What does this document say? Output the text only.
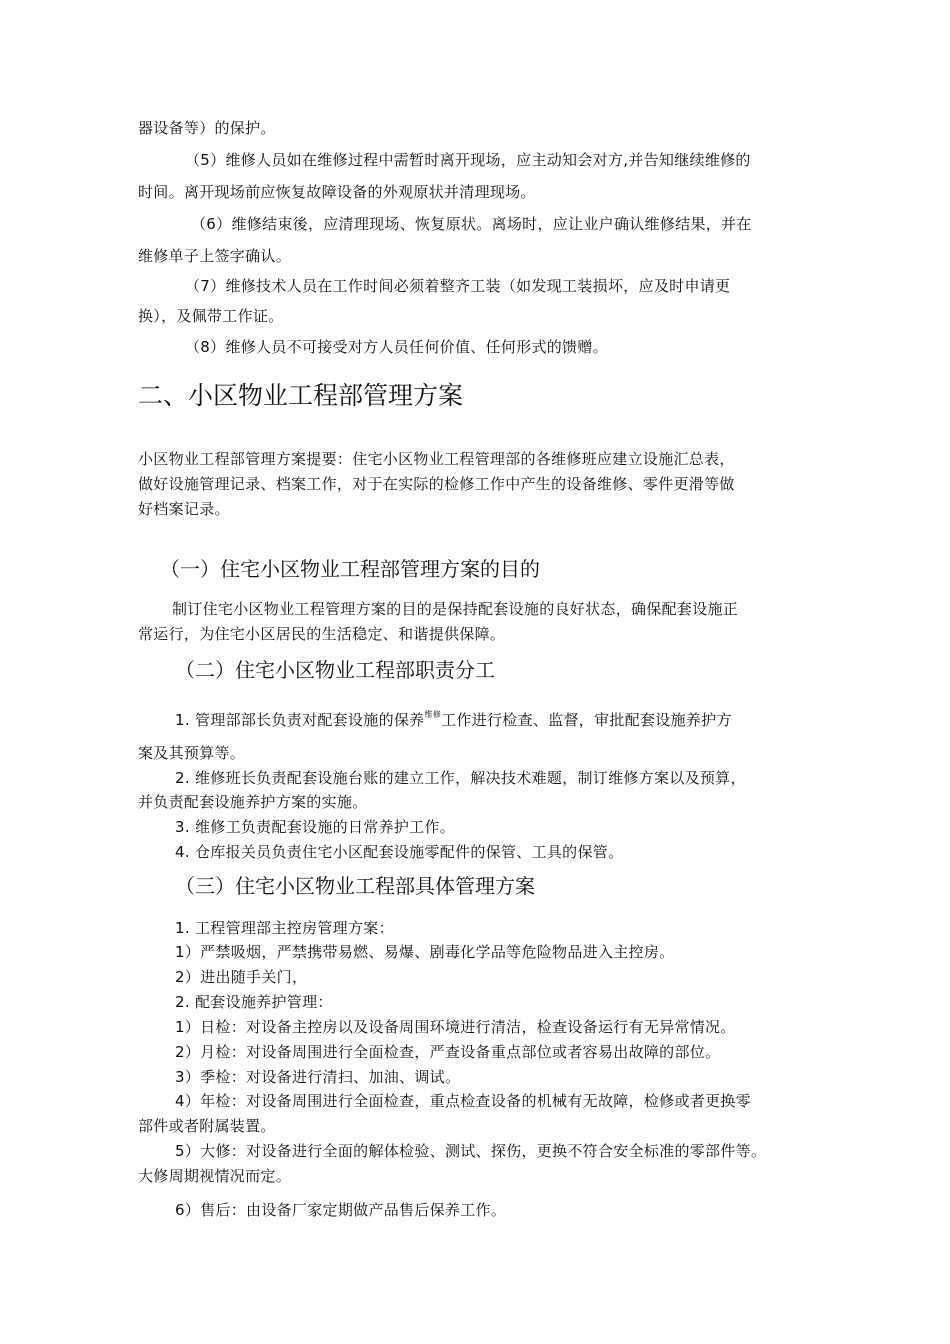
器设备等）的保护。
（5）维修人员如在维修过程中需暂时离开现场，应主动知会对方,并告知继续维修的
时间。离开现场前应恢复故障设备的外观原状并清理现场。
（6）维修结束後，应清理现场、恢复原状。离场时，应让业户确认维修结果，并在
维修单子上签字确认。
（7）维修技术人员在工作时间必须着整齐工装（如发现工装损坏，应及时申请更
换），及佩带工作证。
（8）维修人员不可接受对方人员任何价值、任何形式的馈赠。
二、小区物业工程部管理方案
小区物业工程部管理方案提要：住宅小区物业工程管理部的各维修班应建立设施汇总表，
做好设施管理记录、档案工作，对于在实际的检修工作中产生的设备维修、零件更滑等做
好档案记录。
（一）住宅小区物业工程部管理方案的目的
制订住宅小区物业工程管理方案的目的是保持配套设施的良好状态，确保配套设施正
常运行，为住宅小区居民的生活稳定、和谐提供保障。
（二）住宅小区物业工程部职责分工
1. 管理部部长负责对配套设施的保养$^{维修}$工作进行检查、监督，审批配套设施养护方
案及其预算等。
2. 维修班长负责配套设施台账的建立工作，解决技术难题，制订维修方案以及预算，
并负责配套设施养护方案的实施。
3. 维修工负责配套设施的日常养护工作。
4. 仓库报关员负责住宅小区配套设施零配件的保管、工具的保管。
（三）住宅小区物业工程部具体管理方案
1. 工程管理部主控房管理方案：
1）严禁吸烟，严禁携带易燃、易爆、剧毒化学品等危险物品进入主控房。
2）进出随手关门，
2. 配套设施养护管理：
1）日检：对设备主控房以及设备周围环境进行清洁，检查设备运行有无异常情况。
2）月检：对设备周围进行全面检查，严查设备重点部位或者容易出故障的部位。
3）季检：对设备进行清扫、加油、调试。
4）年检：对设备周围进行全面检查，重点检查设备的机械有无故障，检修或者更换零
部件或者附属装置。
5）大修：对设备进行全面的解体检验、测试、探伤，更换不符合安全标准的零部件等。
大修周期视情况而定。
6）售后：由设备厂家定期做产品售后保养工作。
